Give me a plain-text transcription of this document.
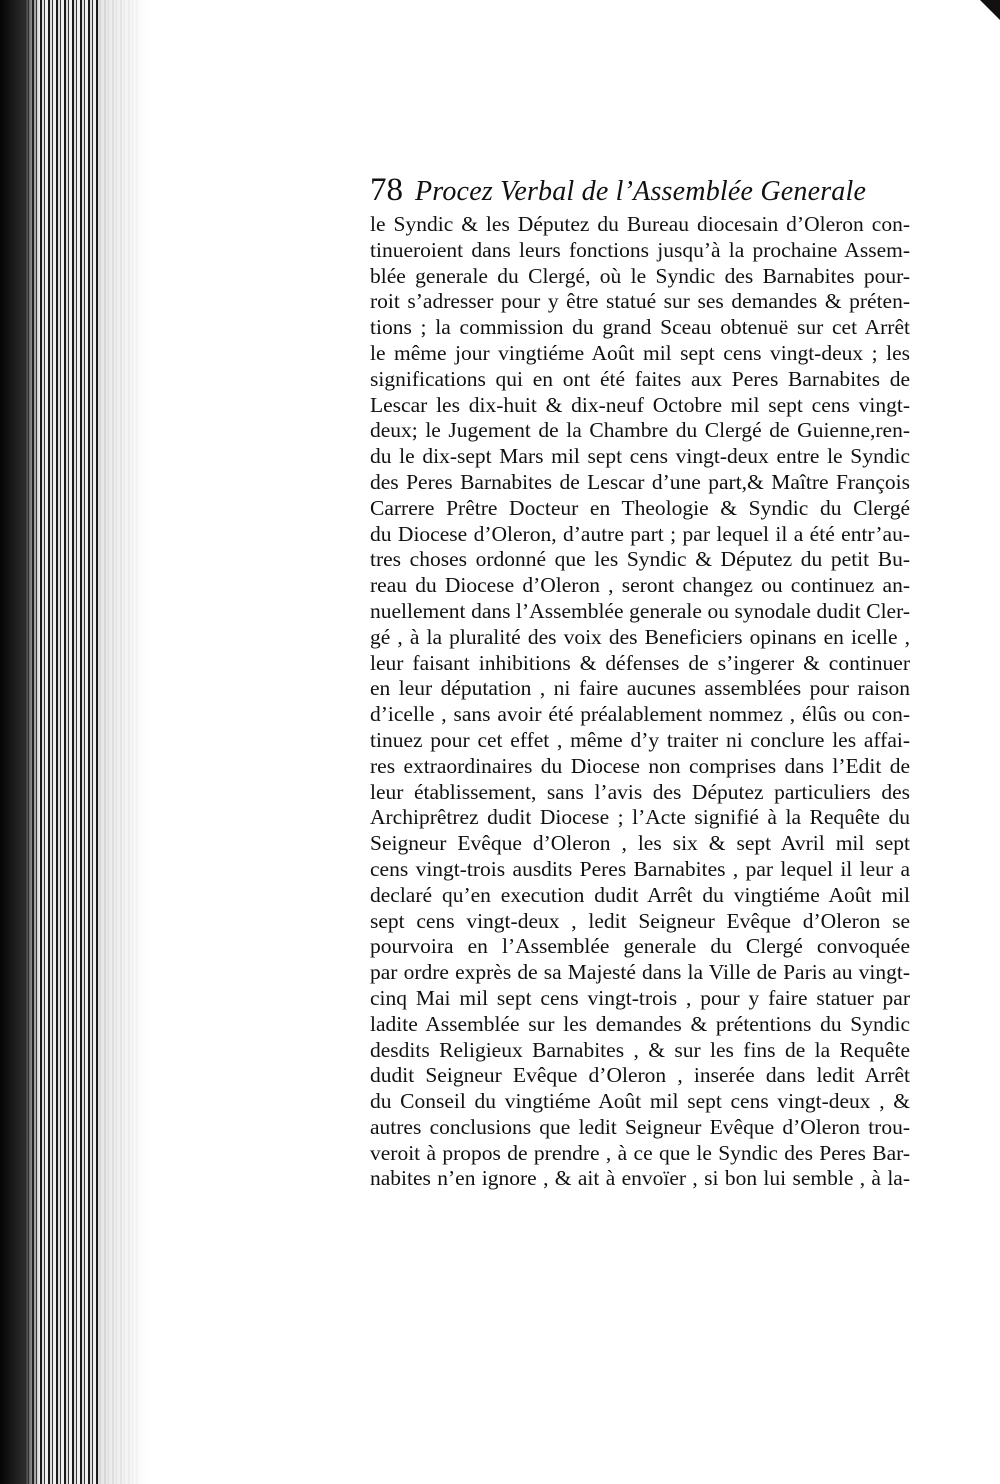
78 Procez Verbal de l’Assemblée Generale
le Syndic & les Députez du Bureau diocesain d’Oleron con-
tinueroient dans leurs fonctions jusqu’à la prochaine Assem-
blée generale du Clergé, où le Syndic des Barnabites pour-
roit s’adresser pour y être statué sur ses demandes & préten-
tions ; la commission du grand Sceau obtenuë sur cet Arrêt
le même jour vingtiéme Août mil sept cens vingt-deux ; les
significations qui en ont été faites aux Peres Barnabites de
Lescar les dix-huit & dix-neuf Octobre mil sept cens vingt-
deux; le Jugement de la Chambre du Clergé de Guienne,ren-
du le dix-sept Mars mil sept cens vingt-deux entre le Syndic
des Peres Barnabites de Lescar d’une part,& Maître François
Carrere Prêtre Docteur en Theologie & Syndic du Clergé
du Diocese d’Oleron, d’autre part ; par lequel il a été entr’au-
tres choses ordonné que les Syndic & Députez du petit Bu-
reau du Diocese d’Oleron , seront changez ou continuez an-
nuellement dans l’Assemblée generale ou synodale dudit Cler-
gé , à la pluralité des voix des Beneficiers opinans en icelle ,
leur faisant inhibitions & défenses de s’ingerer & continuer
en leur députation , ni faire aucunes assemblées pour raison
d’icelle , sans avoir été préalablement nommez , élûs ou con-
tinuez pour cet effet , même d’y traiter ni conclure les affai-
res extraordinaires du Diocese non comprises dans l’Edit de
leur établissement, sans l’avis des Députez particuliers des
Archiprêtrez dudit Diocese ; l’Acte signifié à la Requête du
Seigneur Evêque d’Oleron , les six & sept Avril mil sept
cens vingt-trois ausdits Peres Barnabites , par lequel il leur a
declaré qu’en execution dudit Arrêt du vingtiéme Août mil
sept cens vingt-deux , ledit Seigneur Evêque d’Oleron se
pourvoira en l’Assemblée generale du Clergé convoquée
par ordre exprès de sa Majesté dans la Ville de Paris au vingt-
cinq Mai mil sept cens vingt-trois , pour y faire statuer par
ladite Assemblée sur les demandes & prétentions du Syndic
desdits Religieux Barnabites , & sur les fins de la Requête
dudit Seigneur Evêque d’Oleron , inserée dans ledit Arrêt
du Conseil du vingtiéme Août mil sept cens vingt-deux , &
autres conclusions que ledit Seigneur Evêque d’Oleron trou-
veroit à propos de prendre , à ce que le Syndic des Peres Bar-
nabites n’en ignore , & ait à envoïer , si bon lui semble , à la-
